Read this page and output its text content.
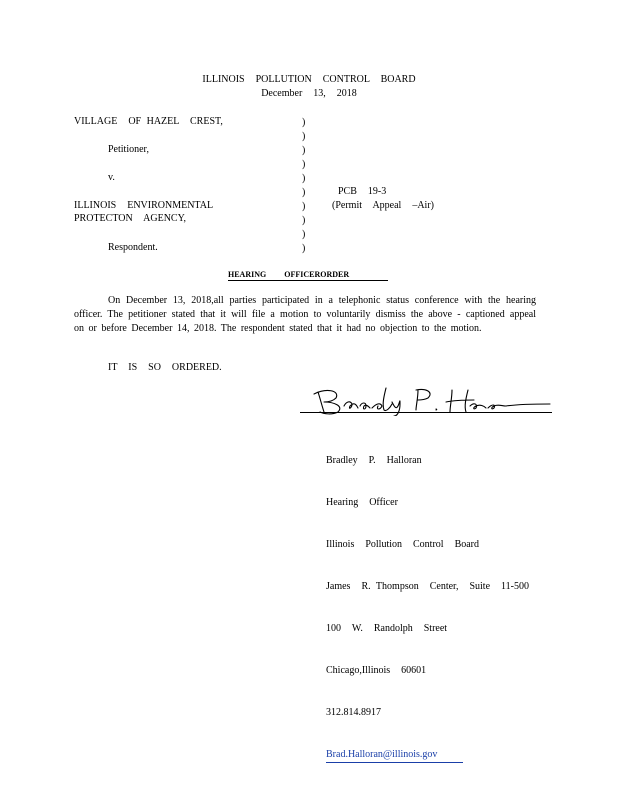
ILLINOIS  POLLUTION  CONTROL  BOARD
December  13,  2018
VILLAGE  OF HAZEL  CREST,
Petitioner,
v.
ILLINOIS  ENVIRONMENTAL
PROTECTON  AGENCY,
Respondent.
)
)
)
)
)
)
)
)
)
)
PCB  19-3
(Permit  Appeal  –Air)
HEARING OFFICERORDER
On December 13, 2018,all parties participated in a telephonic status conference with the hearing officer. The petitioner stated that it will file a motion to voluntarily dismiss the above - captioned appeal on or before December 14, 2018. The respondent stated that it had no objection to the motion.
IT  IS  SO  ORDERED.

Bradley  P.  Halloran

Hearing  Officer

Illinois  Pollution  Control  Board

James  R. Thompson  Center,  Suite  11-500

100  W.  Randolph  Street

Chicago,Illinois  60601

312.814.8917

Brad.Halloran@illinois.gov
